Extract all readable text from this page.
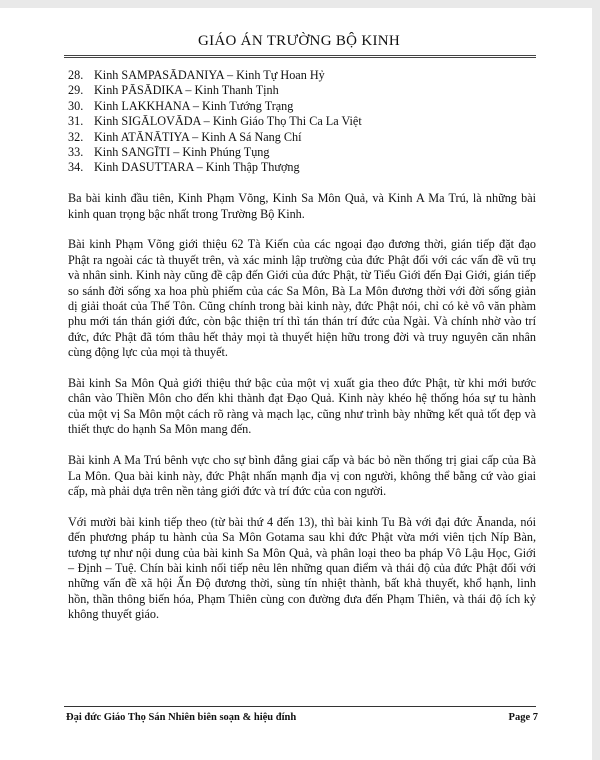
GIÁO ÁN TRƯỜNG BỘ KINH
28. Kinh SAMPASĀDANIYA – Kinh Tự Hoan Hỷ
29. Kinh PĀSĀDIKA – Kinh Thanh Tịnh
30. Kinh LAKKHANA – Kinh Tướng Trạng
31. Kinh SIGĀLOVĀDA – Kinh Giáo Thọ Thi Ca La Việt
32. Kinh ATĀNĀTIYA – Kinh A Sá Nang Chí
33. Kinh SANGĪTI – Kinh Phúng Tụng
34. Kinh DASUTTARA – Kinh Thập Thượng

Ba bài kinh đầu tiên, Kinh Phạm Võng, Kinh Sa Môn Quả, và Kinh A Ma Trú, là những bài kinh quan trọng bậc nhất trong Trường Bộ Kinh.

Bài kinh Phạm Võng giới thiệu 62 Tà Kiến của các ngoại đạo đương thời, gián tiếp đặt đạo Phật ra ngoài các tà thuyết trên, và xác minh lập trường của đức Phật đối với các vấn đề vũ trụ và nhân sinh. Kinh này cũng đề cập đến Giới của đức Phật, từ Tiểu Giới đến Đại Giới, gián tiếp so sánh đời sống xa hoa phù phiếm của các Sa Môn, Bà La Môn đương thời với đời sống giản dị giải thoát của Thế Tôn. Cũng chính trong bài kinh này, đức Phật nói, chỉ có kẻ vô văn phàm phu mới tán thán giới đức, còn bậc thiện trí thì tán thán trí đức của Ngài. Và chính nhờ vào trí đức, đức Phật đã tóm thâu hết thảy mọi tà thuyết hiện hữu trong đời và truy nguyên căn nhân cùng động lực của mọi tà thuyết.

Bài kinh Sa Môn Quả giới thiệu thứ bậc của một vị xuất gia theo đức Phật, từ khi mới bước chân vào Thiền Môn cho đến khi thành đạt Đạo Quả. Kinh này khéo hệ thống hóa sự tu hành của một vị Sa Môn một cách rõ ràng và mạch lạc, cũng như trình bày những kết quả tốt đẹp và thiết thực do hạnh Sa Môn mang đến.

Bài kinh A Ma Trú bênh vực cho sự bình đẳng giai cấp và bác bỏ nền thống trị giai cấp của Bà La Môn. Qua bài kinh này, đức Phật nhấn mạnh địa vị con người, không thể bằng cứ vào giai cấp, mà phải dựa trên nền tảng giới đức và trí đức của con người.

Với mười bài kinh tiếp theo (từ bài thứ 4 đến 13), thì bài kinh Tu Bà với đại đức Ānanda, nói đến phương pháp tu hành của Sa Môn Gotama sau khi đức Phật vừa mới viên tịch Níp Bàn, tương tự như nội dung của bài kinh Sa Môn Quả, và phân loại theo ba pháp Vô Lậu Học, Giới – Định – Tuệ. Chín bài kinh nối tiếp nêu lên những quan điểm và thái độ của đức Phật đối với những vấn đề xã hội Ấn Độ đương thời, sùng tín nhiệt thành, bất khả thuyết, khổ hạnh, linh hồn, thần thông biến hóa, Phạm Thiên cùng con đường đưa đến Phạm Thiên, và thái độ ích kỷ không thuyết giáo.

Đại đức Giáo Thọ Sán Nhiên biên soạn & hiệu đính	Page 7
